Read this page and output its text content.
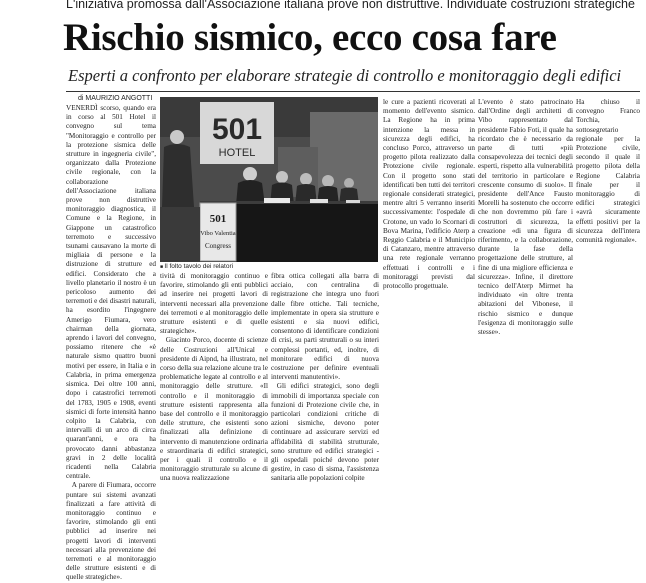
L'iniziativa promossa dall'Associazione italiana prove non distruttive. Individuate costruzioni strategiche
Rischio sismico, ecco cosa fare
Esperti a confronto per elaborare strategie di controllo e monitoraggio degli edifici
di MAURIZIO ANGOTTI

VENERDÌ scorso, quando era in corso al 501 Hotel il convegno sul tema "Monitoraggio e controllo per la protezione sismica delle strutture in ingegneria civile", organizzato dalla Protezione civile regionale, con la collaborazione dell'Associazione italiana prove non distruttive monitoraggio diagnostica, il Comune e la Regione, in Giappone un catastrofico terremoto e successivo tsunami causavano la morte di migliaia di persone e la distruzione di strutture ed edifici. Considerato che a livello planetario il nostro è un pericoloso aumento dei terremoti e dei disastri naturali, ha esordito l'ingegnere Amerigo Fiumara, vero chairman della giornata, aprendo i lavori del convegno, possiamo ritenere che «è naturale sismo quattro buoni motivi per essere, in Italia e in Calabria, in prima emergenza sismica. Dei oltre 100 anni, dopo i catastrofici terremoti del 1783, 1905 e 1908, eventi sismici di forte intensità hanno colpito la Calabria, con intervalli di un arco di circa quarant'anni, e ora ha provocato danni abbastanza gravi in 2 delle località ricadenti nella Calabria centrale.

A parere di Fiumara, occorre puntare sui sistemi avanzati finalizzati a fare attività di monitoraggio continuo e favorire, stimolando gli enti pubblici ad inserire nei progetti lavori di interventi necessari alla prevenzione dei terremoti e al monitoraggio delle strutture esistenti e di quelle strategiche».

501
HOTEL
501
Vibo Valentia
Congress
■ Il folto tavolo dei relatori

tività di monitoraggio continuo e favorire, stimolando gli enti pubblici ad inserire nei progetti lavori di interventi necessari alla prevenzione dei terremoti e al monitoraggio delle strutture esistenti e di quelle strategiche».

Giacinto Porco, docente di scienze delle Costruzioni all'Unical e presidente di Aipnd, ha illustrato, nel corso della sua relazione alcune tra le problematiche legate al controllo e al monitoraggio delle strutture. «Il controllo e il monitoraggio di strutture esistenti rappresenta alla base del controllo e il monitoraggio delle strutture, che esistenti sono finalizzati alla definizione di intervento di manutenzione ordinaria e straordinaria di edifici strategici, per i quali il controllo e il monitoraggio strutturale su alcune di una nuova realizzazione

fibra ottica collegati alla barra di acciaio, con centralina di registrazione che integra uno fuori dalle fibre ottiche. Tali tecniche, implementate in opera sia strutture e esistenti e sia nuovi edifici, consentono di identificare condizioni di crisi, su parti strutturali o su interi complessi portanti, ed, inoltre, di monitorare edifici di nuova costruzione per definire eventuali interventi manutentivi».

Gli edifici strategici, sono degli immobili di importanza speciale con funzioni di Protezione civile che, in particolari condizioni critiche di azioni sismiche, devono poter continuare ad assicurare servizi ed affidabilità di stabilità strutturale, sono strutture ed edifici strategici - gli ospedali poiché devono poter gestire, in caso di sisma, l'assistenza sanitaria alle popolazioni colpite

le cure a pazienti ricoverati al momento dell'evento sismico. La Regione ha in prima intenzione la messa in sicurezza degli edifici, ha concluso Porco, attraverso un progetto pilota realizzato dalla Protezione civile regionale. Con il progetto sono stati identificati ben tutti dei territori regionale considerati strategici, mentre altri 5 verranno inseriti successivamente: l'ospedale di Crotone, un vado lo Scornari di Bova Marina, l'edificio Aterp a Reggio Calabria e il Municipio di Catanzaro, mentre attraverso una rete regionale verranno effettuati i controlli e i monitoraggi previsti dal protocollo progettuale.

L'evento è stato patrocinato dall'Ordine degli architetti di Vibo rappresentato dal presidente Fabio Foti, il quale ha ricordato che è necessario da parte di tutti «più consapevolezza dei tecnici degli esperti, rispetto alla vulnerabilità del territorio in particolare e crescente consumo di suolo». Il presidente dell'Ance Fausto Morelli ha sostenuto che occorre che non dovremmo più fare i costruttori di sicurezza, la creazione «di una figura di riferimento, e la collaborazione, durante la fase della progettazione delle strutture, al fine di una migliore efficienza e sicurezza». Infine, il direttore tecnico dell'Aterp Mirmet ha individuato «in oltre trenta abitazioni del Vibonese, il rischio sismico e dunque l'esigenza di monitoraggio sulle stesse».

Ha chiuso il convegno Franco Torchia, sottosegretario regionale per la Protezione civile, secondo il quale il progetto pilota della Regione Calabria finale per il monitoraggio di edifici strategici «avrà sicuramente effetti positivi per la sicurezza dell'intera comunità regionale».
